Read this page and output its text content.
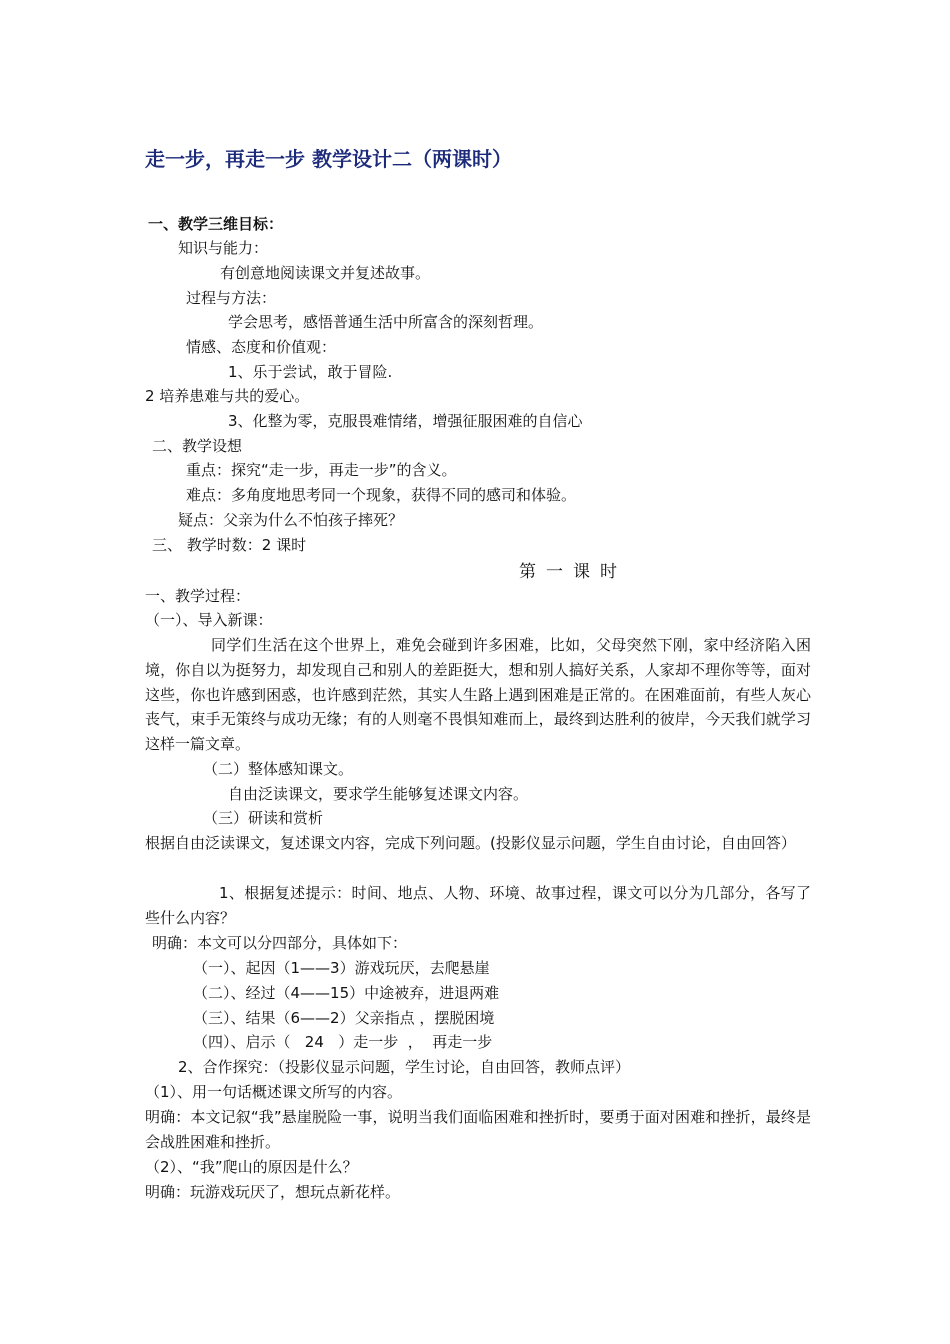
走一步，再走一步 教学设计二（两课时）
一、教学三维目标：
知识与能力：
有创意地阅读课文并复述故事。
过程与方法：
学会思考，感悟普通生活中所富含的深刻哲理。
情感、态度和价值观：
1、乐于尝试，敢于冒险.
2 培养患难与共的爱心。
3、化整为零，克服畏难情绪，增强征服困难的自信心
二、教学设想
重点：探究“走一步，再走一步”的含义。
难点：多角度地思考同一个现象，获得不同的感司和体验。
疑点：父亲为什么不怕孩子摔死？
三、 教学时数：2 课时
第一课时
一、教学过程：
（一）、导入新课：
同学们生活在这个世界上，难免会碰到许多困难，比如，父母突然下刚，家中经济陷入困境，你自以为挺努力，却发现自己和别人的差距挺大，想和别人搞好关系，人家却不理你等等，面对这些，你也许感到困惑，也许感到茫然，其实人生路上遇到困难是正常的。在困难面前，有些人灰心丧气，束手无策终与成功无缘；有的人则毫不畏惧知难而上，最终到达胜利的彼岸，今天我们就学习这样一篇文章。
（二）整体感知课文。
自由泛读课文，要求学生能够复述课文内容。
（三）研读和赏析
根据自由泛读课文，复述课文内容，完成下列问题。(投影仪显示问题，学生自由讨论，自由回答）
1、根据复述提示：时间、地点、人物、环境、故事过程，课文可以分为几部分，各写了些什么内容？
明确：本文可以分四部分，具体如下：
（一）、起因（1——3）游戏玩厌，去爬悬崖
（二）、经过（4——15）中途被弃，进退两难
（三）、结果（6——2）父亲指点 ，摆脱困境
（四）、启示（   24   ）走一步  ，  再走一步
2、合作探究：（投影仪显示问题，学生讨论，自由回答，教师点评）
（1）、用一句话概述课文所写的内容。
明确：本文记叙“我”悬崖脱险一事，说明当我们面临困难和挫折时，要勇于面对困难和挫折，最终是会战胜困难和挫折。
（2）、“我”爬山的原因是什么？
明确：玩游戏玩厌了，想玩点新花样。
